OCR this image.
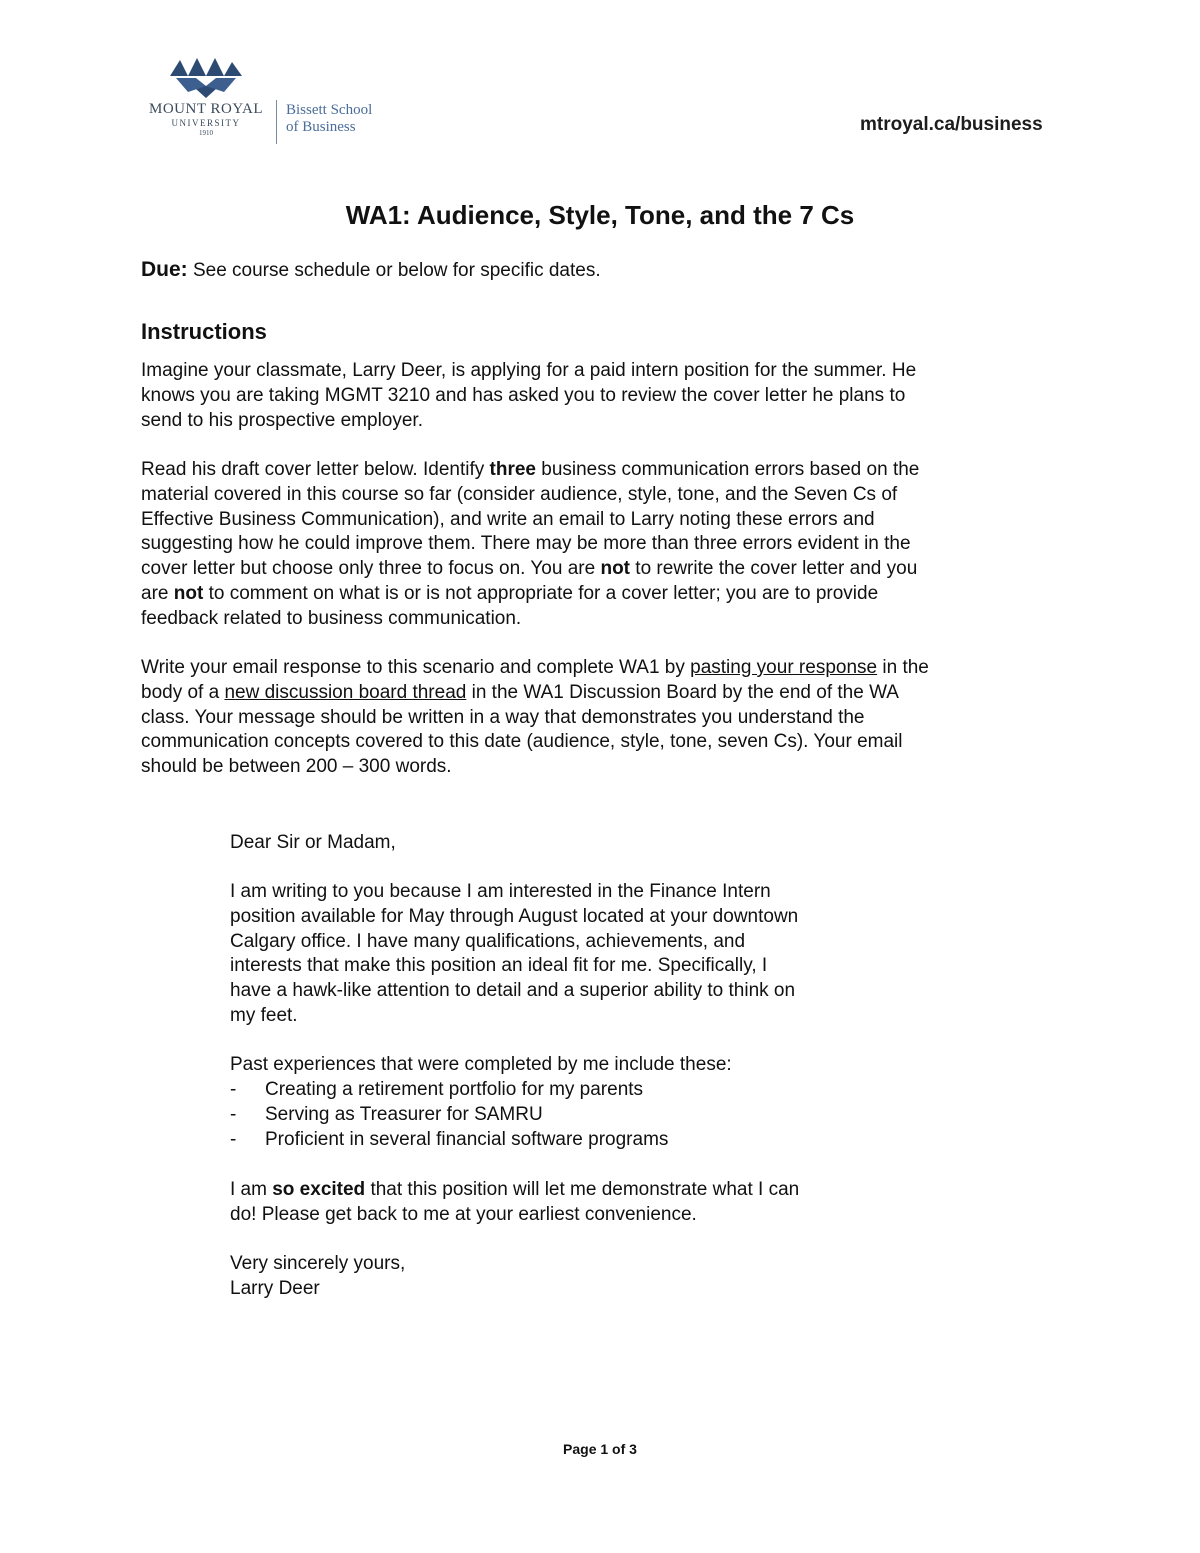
MOUNT ROYAL
UNIVERSITY
1910
Bissett School
of Business	mtroyal.ca/business
WA1: Audience, Style, Tone, and the 7 Cs
Due: See course schedule or below for specific dates.
Instructions

Imagine your classmate, Larry Deer, is applying for a paid intern position for the summer. He
knows you are taking MGMT 3210 and has asked you to review the cover letter he plans to
send to his prospective employer.

Read his draft cover letter below. Identify three business communication errors based on the
material covered in this course so far (consider audience, style, tone, and the Seven Cs of
Effective Business Communication), and write an email to Larry noting these errors and
suggesting how he could improve them. There may be more than three errors evident in the
cover letter but choose only three to focus on. You are not to rewrite the cover letter and you
are not to comment on what is or is not appropriate for a cover letter; you are to provide
feedback related to business communication.

Write your email response to this scenario and complete WA1 by pasting your response in the
body of a new discussion board thread in the WA1 Discussion Board by the end of the WA
class. Your message should be written in a way that demonstrates you understand the
communication concepts covered to this date (audience, style, tone, seven Cs). Your email
should be between 200 – 300 words.

Dear Sir or Madam,

I am writing to you because I am interested in the Finance Intern
position available for May through August located at your downtown
Calgary office. I have many qualifications, achievements, and
interests that make this position an ideal fit for me. Specifically, I
have a hawk-like attention to detail and a superior ability to think on
my feet.

Past experiences that were completed by me include these:
- Creating a retirement portfolio for my parents
- Serving as Treasurer for SAMRU
- Proficient in several financial software programs

I am so excited that this position will let me demonstrate what I can
do! Please get back to me at your earliest convenience.

Very sincerely yours,
Larry Deer
Page 1 of 3
